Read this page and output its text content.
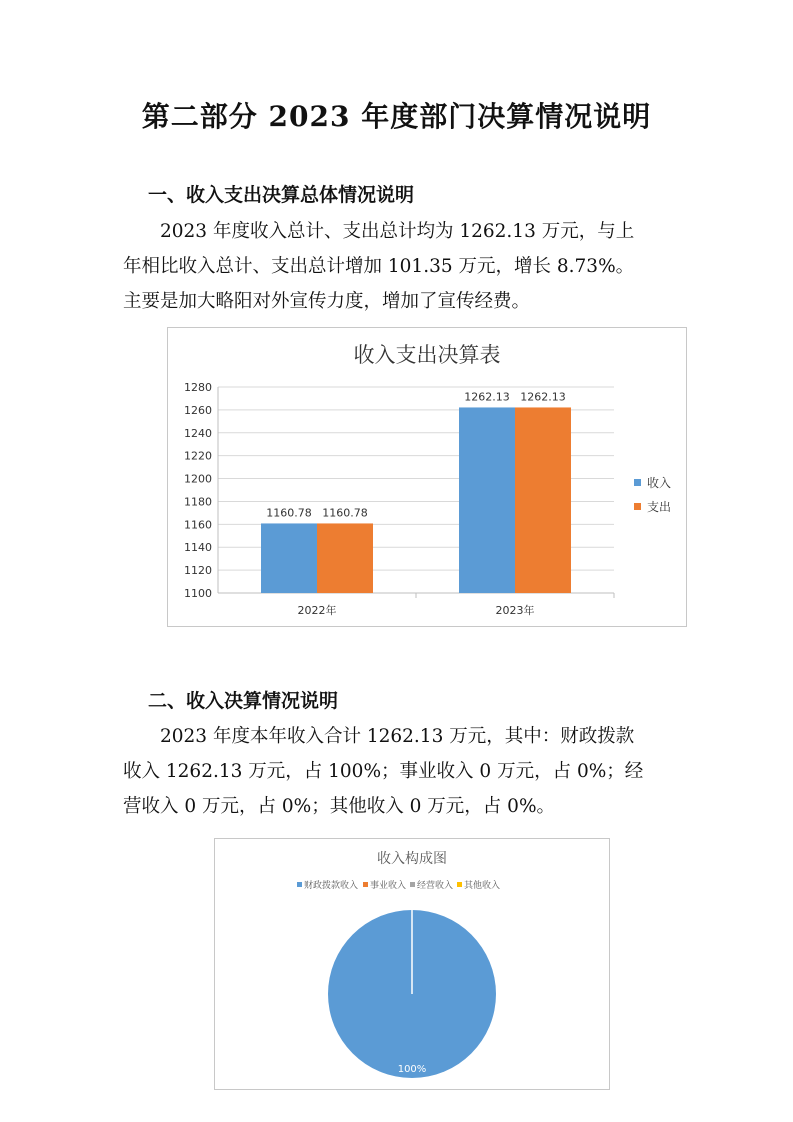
第二部分 2023 年度部门决算情况说明
一、收入支出决算总体情况说明

2023 年度收入总计、支出总计均为 1262.13 万元，与上

年相比收入总计、支出总计增加 101.35 万元，增长 8.73%。

主要是加大略阳对外宣传力度，增加了宣传经费。

收入支出决算表
1100
1120
1140
1160
1180
1200
1220
1240
1260
1280
2022年
1160.78 1160.78
2023年
1262.13 1262.13
收入
支出
二、收入决算情况说明

2023 年度本年收入合计 1262.13 万元，其中：财政拨款

收入 1262.13 万元，占 100%；事业收入 0 万元，占 0%；经

营收入 0 万元，占 0%；其他收入 0 万元，占 0%。

收入构成图
财政拨款收入 事业收入 经营收入 其他收入
100%
